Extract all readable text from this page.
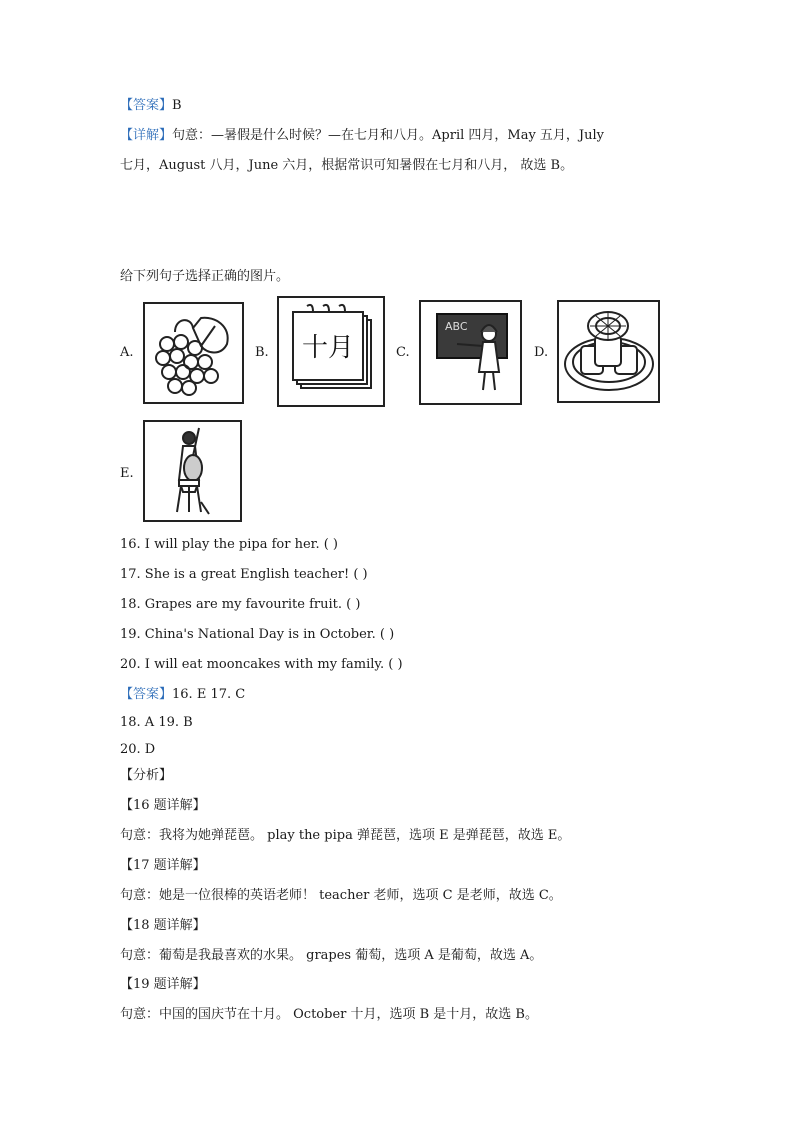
【答案】B
【详解】句意：—暑假是什么时候？—在七月和八月。April 四月，May 五月，July
七月，August 八月，June 六月，根据常识可知暑假在七月和八月， 故选 B。
给下列句子选择正确的图片。
A.	B. 十月	C.
ABC
D.
E.
16. I will play the pipa for her. ( )
17. She is a great English teacher! ( )
18. Grapes are my favourite fruit. ( )
19. China's National Day is in October. ( )
20. I will eat mooncakes with my family. ( )
【答案】16. E 17. C
18. A 19. B
20. D
【分析】
【16 题详解】
句意：我将为她弹琵琶。 play the pipa 弹琵琶，选项 E 是弹琵琶，故选 E。
【17 题详解】
句意：她是一位很棒的英语老师！ teacher 老师，选项 C 是老师，故选 C。
【18 题详解】
句意：葡萄是我最喜欢的水果。 grapes 葡萄，选项 A 是葡萄，故选 A。
【19 题详解】
句意：中国的国庆节在十月。 October 十月，选项 B 是十月，故选 B。
